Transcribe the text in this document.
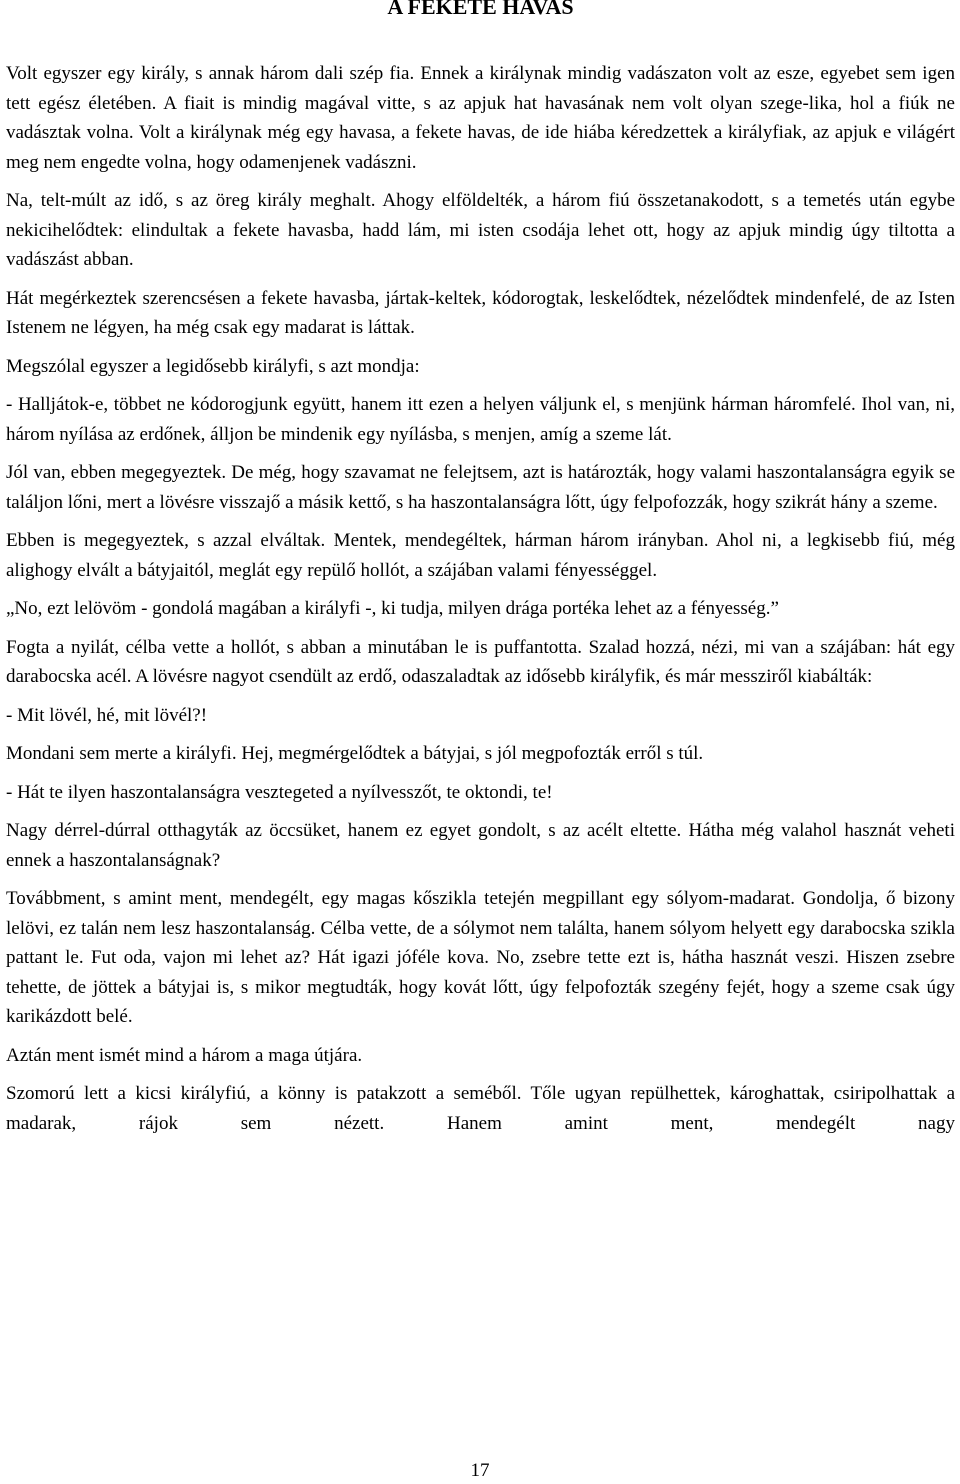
A FEKETE HAVAS

Volt egyszer egy király, s annak három dali szép fia. Ennek a királynak mindig vadászaton volt az esze, egyebet sem igen tett egész életében. A fiait is mindig magával vitte, s az apjuk hat havasának nem volt olyan szege-lika, hol a fiúk ne vadásztak volna. Volt a királynak még egy havasa, a fekete havas, de ide hiába kéredzettek a királyfiak, az apjuk e világért meg nem engedte volna, hogy odamenjenek vadászni.

Na, telt-múlt az idő, s az öreg király meghalt. Ahogy elföldelték, a három fiú összetanakodott, s a temetés után egybe nekicihelődtek: elindultak a fekete havasba, hadd lám, mi isten csodája lehet ott, hogy az apjuk mindig úgy tiltotta a vadászást abban.

Hát megérkeztek szerencsésen a fekete havasba, jártak-keltek, kódorogtak, leskelődtek, nézelődtek mindenfelé, de az Isten Istenem ne légyen, ha még csak egy madarat is láttak.

Megszólal egyszer a legidősebb királyfi, s azt mondja:

- Halljátok-e, többet ne kódorogjunk együtt, hanem itt ezen a helyen váljunk el, s menjünk hárman háromfelé. Ihol van, ni, három nyílása az erdőnek, álljon be mindenik egy nyílásba, s menjen, amíg a szeme lát.

Jól van, ebben megegyeztek. De még, hogy szavamat ne felejtsem, azt is határozták, hogy valami haszontalanságra egyik se találjon lőni, mert a lövésre visszajő a másik kettő, s ha haszontalanságra lőtt, úgy felpofozzák, hogy szikrát hány a szeme.

Ebben is megegyeztek, s azzal elváltak. Mentek, mendegéltek, hárman három irányban. Ahol ni, a legkisebb fiú, még alighogy elvált a bátyjaitól, meglát egy repülő hollót, a szájában valami fényességgel.

„No, ezt lelövöm - gondolá magában a királyfi -, ki tudja, milyen drága portéka lehet az a fényesség.”

Fogta a nyilát, célba vette a hollót, s abban a minutában le is puffantotta. Szalad hozzá, nézi, mi van a szájában: hát egy darabocska acél. A lövésre nagyot csendült az erdő, odaszaladtak az idősebb királyfik, és már messziről kiabálták:

- Mit lövél, hé, mit lövél?!

Mondani sem merte a királyfi. Hej, megmérgelődtek a bátyjai, s jól megpofozták erről s túl.

- Hát te ilyen haszontalanságra vesztegeted a nyílvesszőt, te oktondi, te!

Nagy dérrel-dúrral otthagyták az öccsüket, hanem ez egyet gondolt, s az acélt eltette. Hátha még valahol hasznát veheti ennek a haszontalanságnak?

Továbbment, s amint ment, mendegélt, egy magas kőszikla tetején megpillant egy sólyom-madarat. Gondolja, ő bizony lelövi, ez talán nem lesz haszontalanság. Célba vette, de a sólymot nem találta, hanem sólyom helyett egy darabocska szikla pattant le. Fut oda, vajon mi lehet az? Hát igazi jóféle kova. No, zsebre tette ezt is, hátha hasznát veszi. Hiszen zsebre tehette, de jöttek a bátyjai is, s mikor megtudták, hogy kovát lőtt, úgy felpofozták szegény fejét, hogy a szeme csak úgy karikázdott belé.

Aztán ment ismét mind a három a maga útjára.

Szomorú lett a kicsi királyfiú, a könny is patakzott a seméből. Tőle ugyan repülhettek, károghattak, csiripolhattak a madarak, rájok sem nézett. Hanem amint ment, mendegélt nagy

17
